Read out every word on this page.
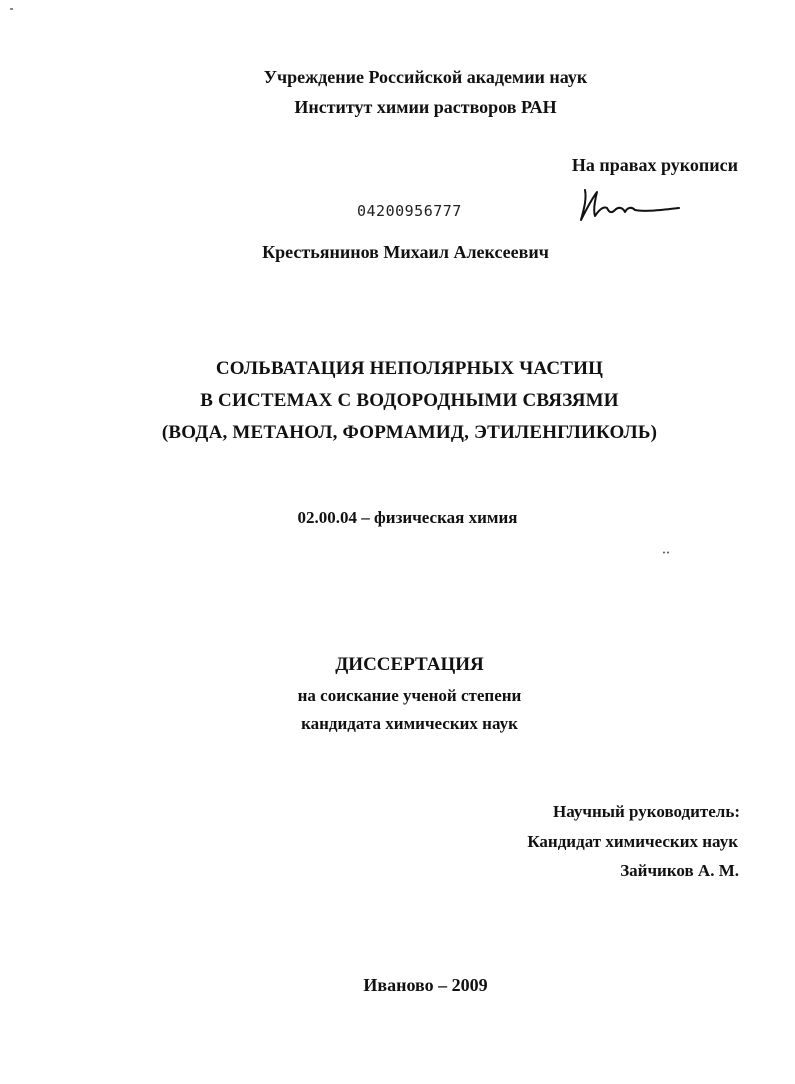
Учреждение Российской академии наук
Институт химии растворов РАН
На правах рукописи
04200956777
Крестьянинов Михаил Алексеевич
СОЛЬВАТАЦИЯ НЕПОЛЯРНЫХ ЧАСТИЦ
В СИСТЕМАХ С ВОДОРОДНЫМИ СВЯЗЯМИ
(ВОДА, МЕТАНОЛ, ФОРМАМИД, ЭТИЛЕНГЛИКОЛЬ)
02.00.04 – физическая химия
ДИССЕРТАЦИЯ
на соискание ученой степени
кандидата химических наук
Научный руководитель:
Кандидат химических наук
Зайчиков А. М.
Иваново – 2009
